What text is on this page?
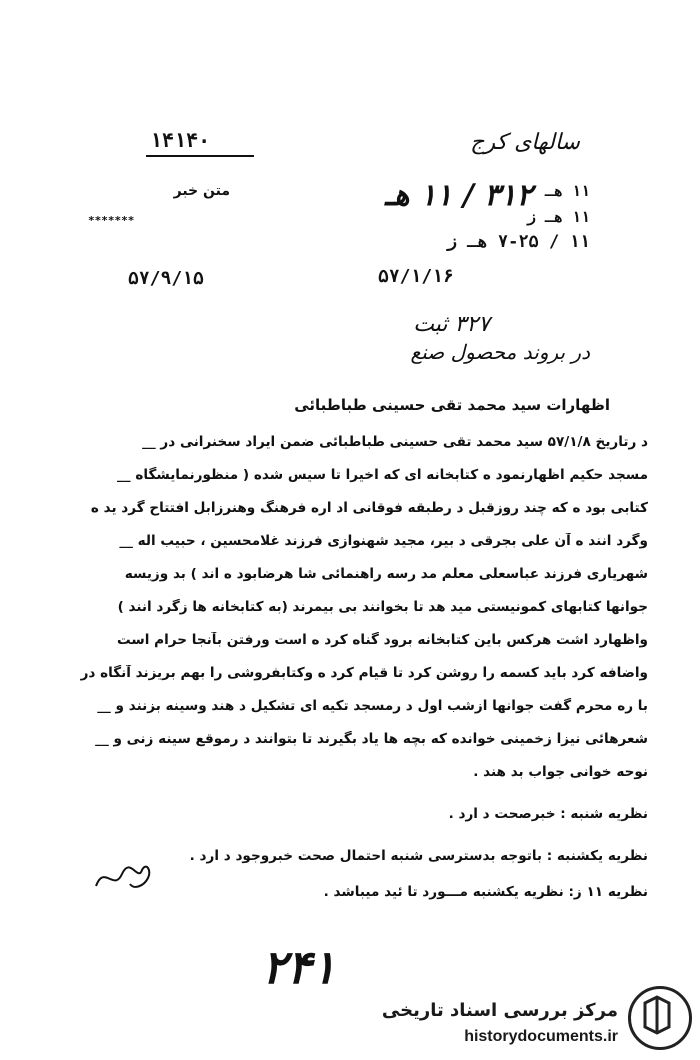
۱۴۱۴۰
متن خبر
*******
۵۷/۹/۱۵
سالهای کرج
۳۱۲ / ۱۱ هـ ۱۱ هـ
۱۱ هـ ز
۱۱ / ۷-۲۵ هـ ز
۵۷/۱/۱۶
۳۲۷ ثبت
در بروند محصول صنع
اظهارات سید محمد تقی حسینی طباطبائی
د رتاریخ ۵۷/۱/۸ سید محمد تقی حسینی طباطبائی ضمن ایراد سخنرانی در __
مسجد حکیم اظهارنمود ه کتابخانه ای که اخیرا تا سیس شده ( منظورنمایشگاه __
کتابی بود ه که چند روزقبل د رطبقه فوقانی اد اره فرهنگ وهنرزابل افتتاح گرد ید ه
وگرد انند ه آن علی بجرقی د بیر، مجید شهنوازی فرزند غلامحسین ، حبیب اله __
شهریاری فرزند عباسعلی معلم مد رسه راهنمائی شا هرضابود ه اند ) بد وزیسه
جوانها کتابهای کمونیستی مید هد تا بخوانند بی بیمرند (به کتابخانه ها زگرد انند )
واظهارد اشت هرکس باین کتابخانه برود گناه کرد ه است ورفتن بآنجا حرام است
واضافه کرد باید کسمه را روشن کرد تا قیام کرد ه وکتابفروشی را بهم بریزند آنگاه در
با ره محرم گفت جوانها ازشب اول د رمسجد تکیه ای تشکیل د هند وسینه بزنند و __
شعرهائی نیزا زخمینی خوانده که بچه ها یاد بگیرند تا بتوانند د رموقع سینه زنی و __
نوحه خوانی جواب بد هند .
نظریه شنبه : خبرصحت د ارد .
نظریه یکشنبه : باتوجه بدسترسی شنبه احتمال صحت خبروجود د ارد .
نظریه ۱۱ ز: نظریه یکشنبه مـــورد تا ئید میباشد .
۲۴۱
مرکز بررسی اسناد تاریخی
historydocuments.ir
